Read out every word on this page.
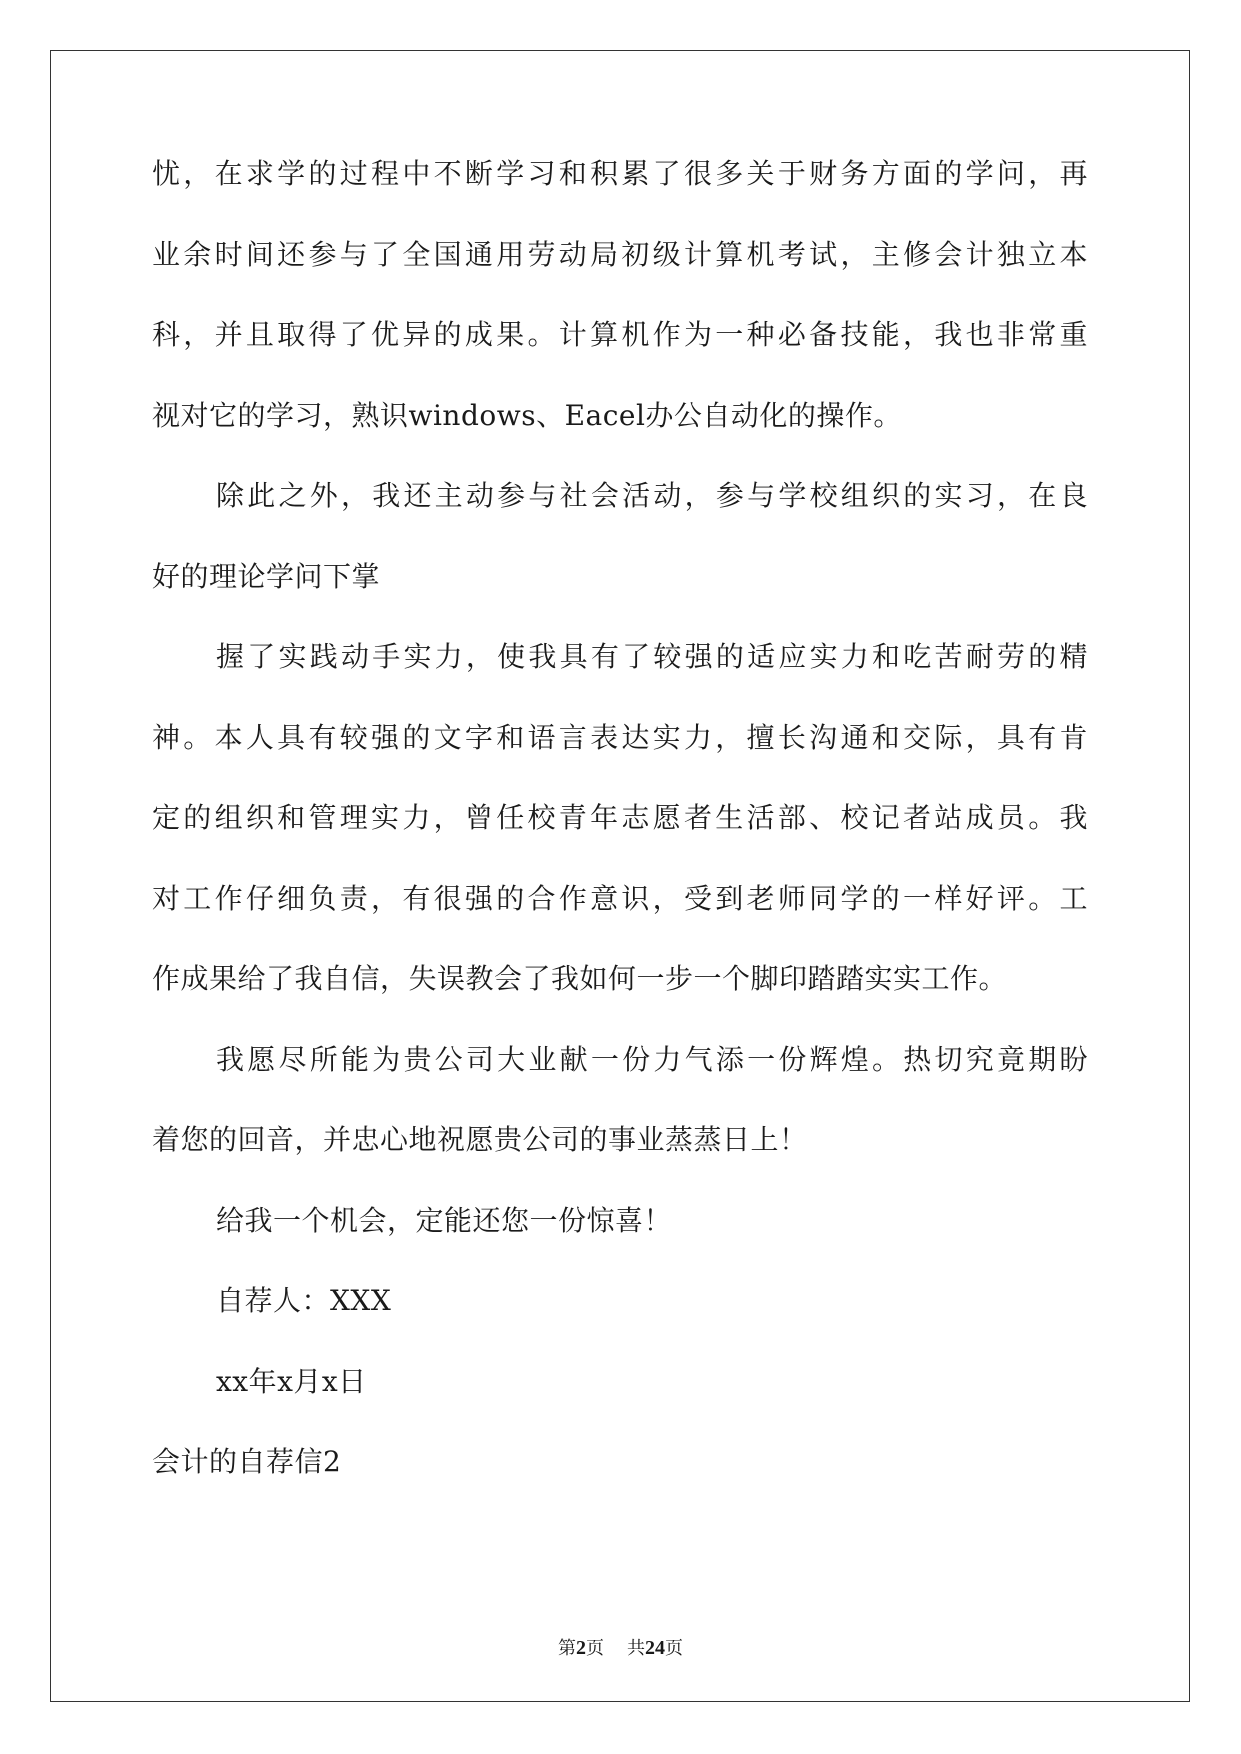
忧，在求学的过程中不断学习和积累了很多关于财务方面的学问，再
业余时间还参与了全国通用劳动局初级计算机考试，主修会计独立本
科，并且取得了优异的成果。计算机作为一种必备技能，我也非常重
视对它的学习，熟识windows、Eacel办公自动化的操作。
除此之外，我还主动参与社会活动，参与学校组织的实习，在良
好的理论学问下掌
握了实践动手实力，使我具有了较强的适应实力和吃苦耐劳的精
神。本人具有较强的文字和语言表达实力，擅长沟通和交际，具有肯
定的组织和管理实力，曾任校青年志愿者生活部、校记者站成员。我
对工作仔细负责，有很强的合作意识，受到老师同学的一样好评。工
作成果给了我自信，失误教会了我如何一步一个脚印踏踏实实工作。
我愿尽所能为贵公司大业献一份力气添一份辉煌。热切究竟期盼
着您的回音，并忠心地祝愿贵公司的事业蒸蒸日上！
给我一个机会，定能还您一份惊喜！
自荐人：XXX
xx年x月x日
会计的自荐信2
第2页 共24页
